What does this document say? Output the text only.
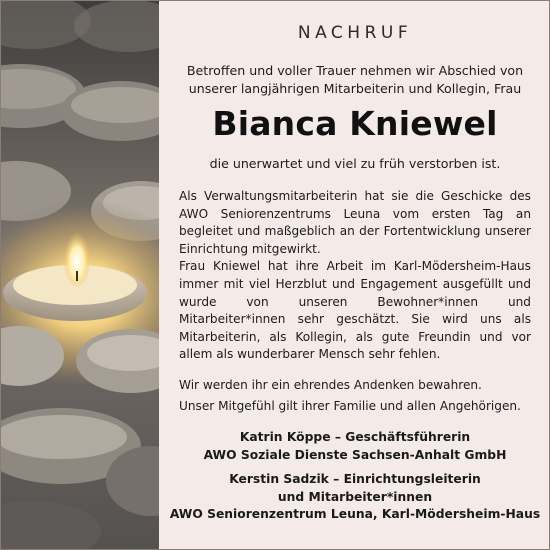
NACHRUF
Betroffen und voller Trauer nehmen wir Abschied von
unserer langjährigen Mitarbeiterin und Kollegin, Frau
Bianca Kniewel
die unerwartet und viel zu früh verstorben ist.

Als Verwaltungsmitarbeiterin hat sie die Geschicke des AWO Seniorenzentrums Leuna vom ersten Tag an begleitet und maßgeblich an der Fortentwicklung unserer Einrichtung mitgewirkt.

Frau Kniewel hat ihre Arbeit im Karl-Mödersheim-Haus immer mit viel Herzblut und Engagement ausgefüllt und wurde von unseren Bewohner*innen und Mitarbeiter*innen sehr geschätzt. Sie wird uns als Mitarbeiterin, als Kollegin, als gute Freundin und vor allem als wunderbarer Mensch sehr fehlen.

Wir werden ihr ein ehrendes Andenken bewahren.
Unser Mitgefühl gilt ihrer Familie und allen Angehörigen.
Katrin Köppe – Geschäftsführerin
AWO Soziale Dienste Sachsen-Anhalt GmbH
Kerstin Sadzik – Einrichtungsleiterin
und Mitarbeiter*innen
AWO Seniorenzentrum Leuna, Karl-Mödersheim-Haus
